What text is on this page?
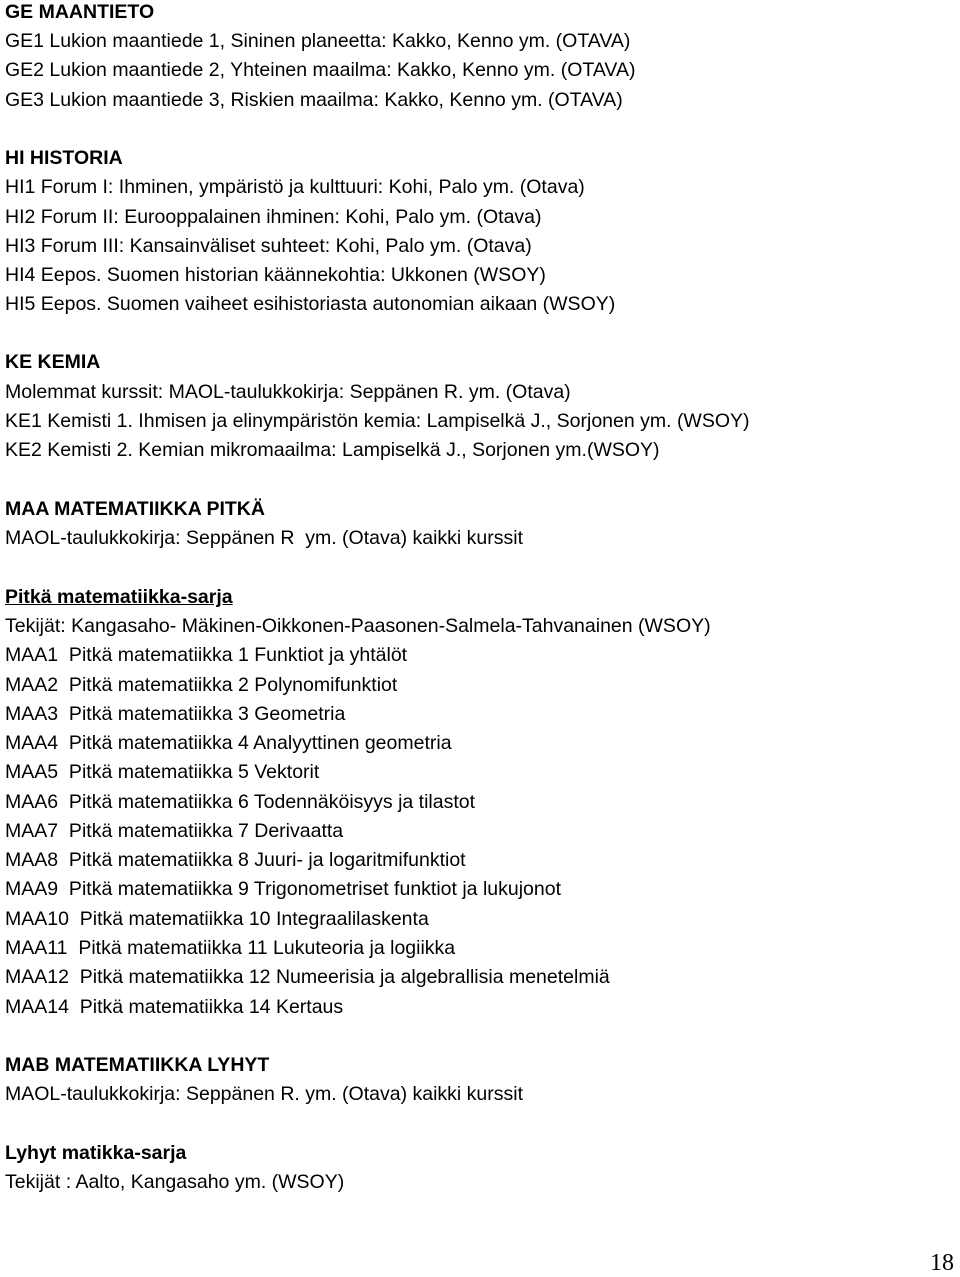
GE MAANTIETO
GE1 Lukion maantiede 1, Sininen planeetta: Kakko, Kenno ym. (OTAVA)
GE2 Lukion maantiede 2, Yhteinen maailma: Kakko, Kenno ym. (OTAVA)
GE3 Lukion maantiede 3, Riskien maailma: Kakko, Kenno ym. (OTAVA)
HI HISTORIA
HI1 Forum I: Ihminen, ympäristö ja kulttuuri: Kohi, Palo ym. (Otava)
HI2 Forum II: Eurooppalainen ihminen: Kohi, Palo ym. (Otava)
HI3 Forum III: Kansainväliset suhteet: Kohi, Palo ym. (Otava)
HI4 Eepos. Suomen historian käännekohtia: Ukkonen (WSOY)
HI5 Eepos. Suomen vaiheet esihistoriasta autonomian aikaan (WSOY)
KE KEMIA
Molemmat kurssit: MAOL-taulukkokirja: Seppänen R. ym. (Otava)
KE1 Kemisti 1. Ihmisen ja elinympäristön kemia: Lampiselkä J., Sorjonen ym. (WSOY)
KE2 Kemisti 2. Kemian mikromaailma: Lampiselkä J., Sorjonen ym.(WSOY)
MAA MATEMATIIKKA PITKÄ
MAOL-taulukkokirja: Seppänen R  ym. (Otava) kaikki kurssit
Pitkä matematiikka-sarja
Tekijät: Kangasaho- Mäkinen-Oikkonen-Paasonen-Salmela-Tahvanainen (WSOY)
MAA1  Pitkä matematiikka 1 Funktiot ja yhtälöt
MAA2  Pitkä matematiikka 2 Polynomifunktiot
MAA3  Pitkä matematiikka 3 Geometria
MAA4  Pitkä matematiikka 4 Analyyttinen geometria
MAA5  Pitkä matematiikka 5 Vektorit
MAA6  Pitkä matematiikka 6 Todennäköisyys ja tilastot
MAA7  Pitkä matematiikka 7 Derivaatta
MAA8  Pitkä matematiikka 8 Juuri- ja logaritmifunktiot
MAA9  Pitkä matematiikka 9 Trigonometriset funktiot ja lukujonot
MAA10  Pitkä matematiikka 10 Integraalilaskenta
MAA11  Pitkä matematiikka 11 Lukuteoria ja logiikka
MAA12  Pitkä matematiikka 12 Numeerisia ja algebrallisia menetelmiä
MAA14  Pitkä matematiikka 14 Kertaus
MAB MATEMATIIKKA LYHYT
MAOL-taulukkokirja: Seppänen R. ym. (Otava) kaikki kurssit
Lyhyt matikka-sarja
Tekijät : Aalto, Kangasaho ym. (WSOY)
18
